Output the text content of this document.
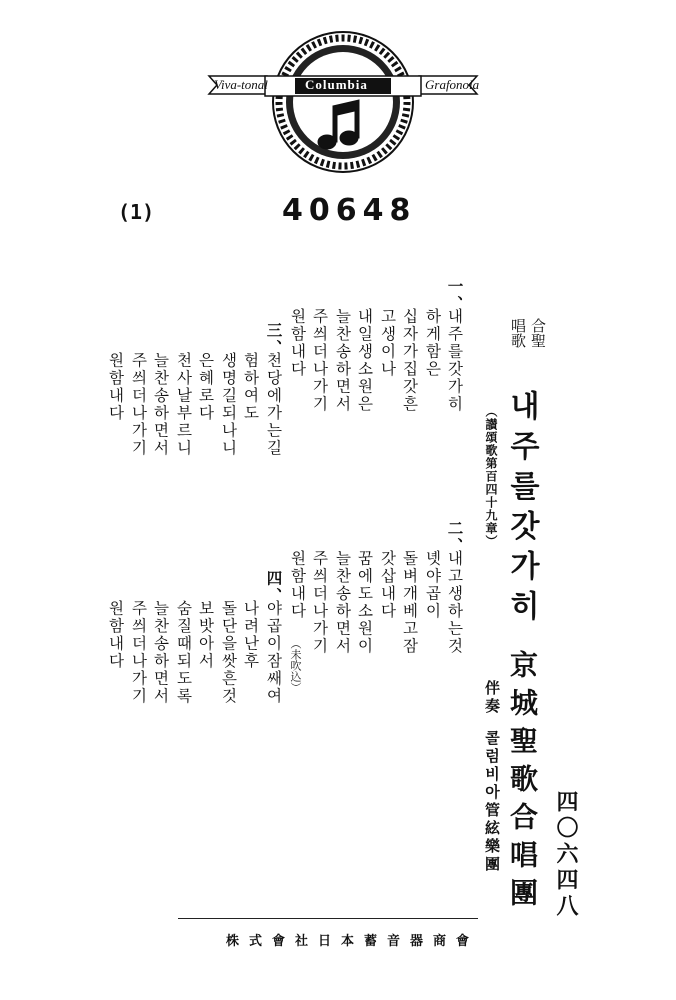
Viva-tonal	Columbia	Grafonola
(1)	40648
合聖
唱歌
내주를갓가히
（讃頌歌第百四十九章）
京城聖歌合唱團
伴奏
콜럼비아管絃樂團 四〇六四八
一、
내주를갓가히
하게함은
십자가집갓흔
고생이나
내일생소원은
늘찬송하면서
주씌더나가기
원함내다
二、
내고생하는것
녯야곱이
돌벼개베고잠
갓삽내다
꿈에도소원이
늘찬송하면서
주씌더나가기
원함내다
（未吹込）
三、
천당에가는길
험하여도
생명길되나니
은혜로다
천사날부르니
늘찬송하면서
주씌더나가기
원함내다
四、
야곱이잠쌔여
나려난후
돌단을쌋흔것
보밧아서
숨질때되도록
늘찬송하면서
주씌더나가기
원함내다
株式會社日本蓄音器商會
